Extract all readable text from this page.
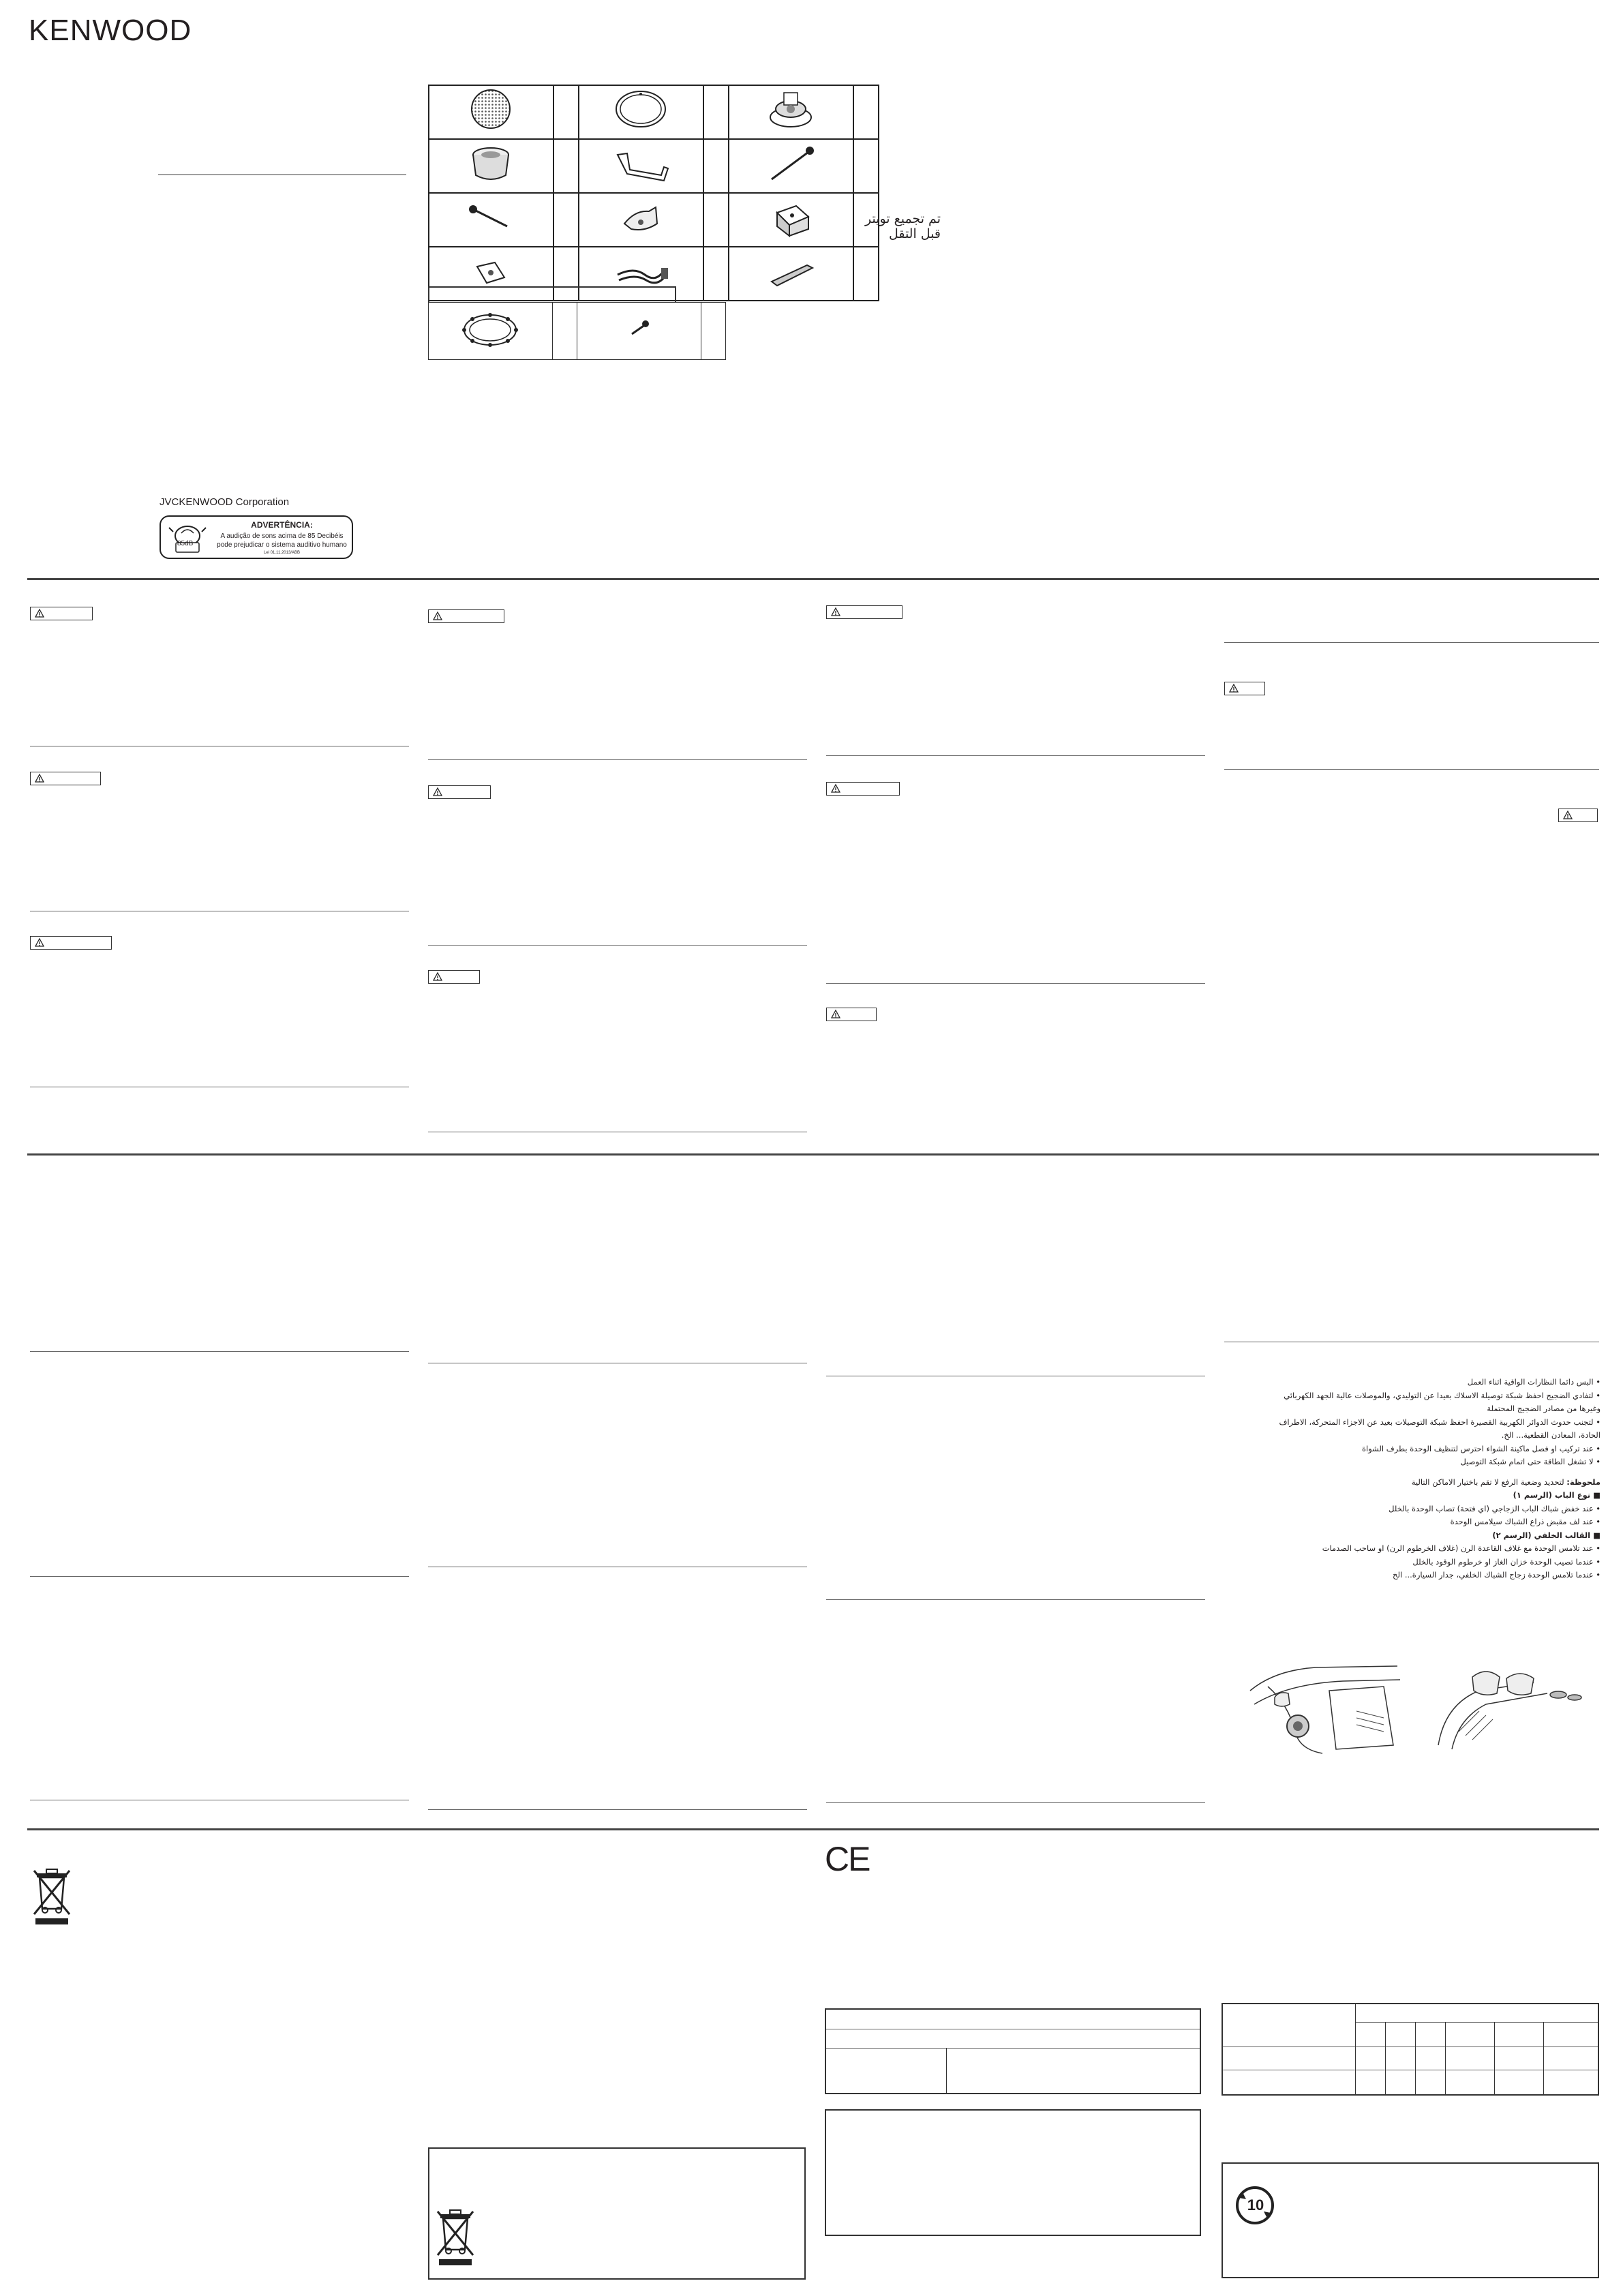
KENWOOD

تم تجميع تويتر قبل التقل
JVCKENWOOD Corporation
85dB
ADVERTÊNCIA:
A audição de sons acima de 85 Decibéis
pode prejudicar o sistema auditivo humano
Lei 01.11.2013/ABB

• البس دائما النظارات الواقية اثناء العمل

• لتفادي الضجيج احفظ شبكة توصيلة الاسلاك بعيدا عن التوليدي، والموصلات عالية الجهد الكهربائي وغيرها من مصادر الضجيج المحتملة

• لتجنب حدوث الدوائر الكهربية القصيرة احفظ شبكة التوصيلات بعيد عن الاجزاء المتحركة، الاطراف الحادة، المعادن القطعية... الخ.

• عند تركيب او فصل ماكينة الشواء احترس لتنظيف الوحدة بطرف الشواة

• لا تشغل الطاقة حتى اتمام شبكة التوصيل

ملحوظة: لتحديد وضعية الرفع لا تقم باختيار الاماكن التالية

■ نوع الباب (الرسم ١)

• عند خفض شباك الباب الزجاجي (اي فتحة) تصاب الوحدة بالخلل

• عند لف مقبض ذراع الشباك سيلامس الوحدة

■ القالب الخلفي (الرسم ٢)

• عند تلامس الوحدة مع غلاف القاعدة الرن (غلاف الخرطوم الرن) او ساحب الصدمات

• عندما تصيب الوحدة خزان الغاز او خرطوم الوقود بالخلل

• عندما تلامس الوحدة زجاج الشباك الخلفي، جدار السيارة... الخ

CE
10
